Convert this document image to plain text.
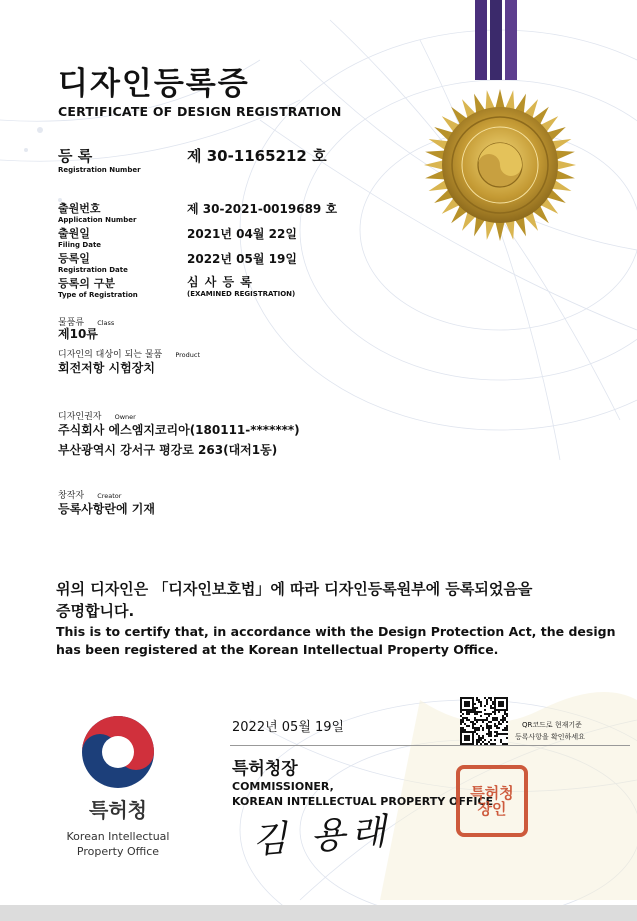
디자인등록증
CERTIFICATE OF DESIGN REGISTRATION
등 록
Registration Number
제 30-1165212 호
출원번호
Application Number
제 30-2021-0019689 호
출원일
Filing Date
2021년 04월 22일
등록일
Registration Date
2022년 05월 19일
등록의 구분
Type of Registration
심 사 등 록
(EXAMINED REGISTRATION)
물품류 Class
제10류
디자인의 대상이 되는 물품 Product
회전저항 시험장치
디자인권자 Owner
주식회사 에스엠지코리아(180111-*******)
부산광역시 강서구 평강로 263(대저1동)
창작자 Creator
등록사항란에 기재
위의 디자인은 「디자인보호법」에 따라 디자인등록원부에 등록되었음을
증명합니다.
This is to certify that, in accordance with the Design Protection Act, the design
has been registered at the Korean Intellectual Property Office.
특허청
Korean Intellectual
Property Office
2022년 05월 19일	QR코드로 현재기준
등록사항을 확인하세요
특허청장
COMMISSIONER,
KOREAN INTELLECTUAL PROPERTY OFFICE
김 용래
특허청장인
